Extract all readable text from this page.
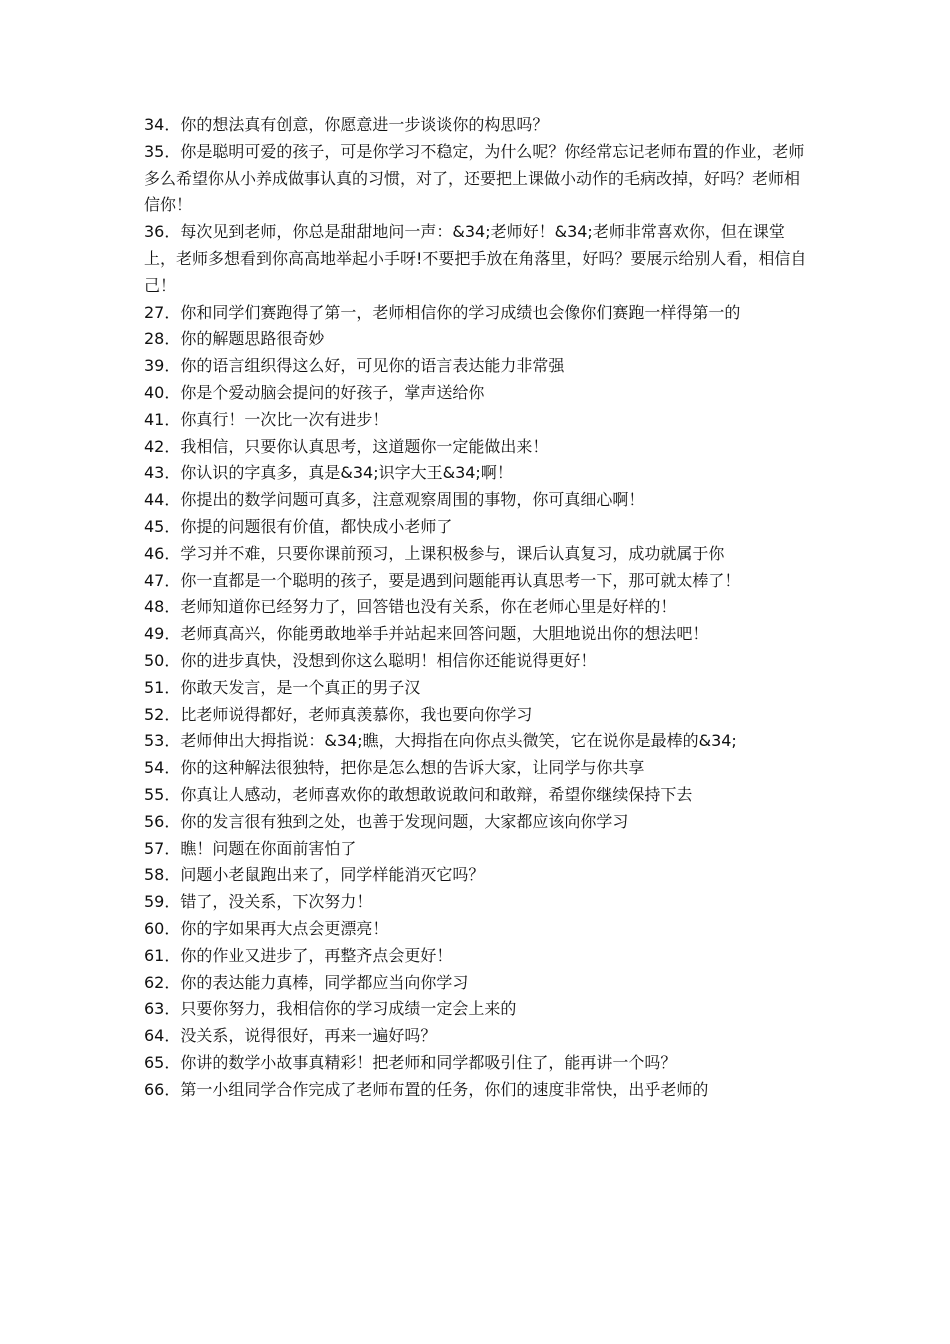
34．你的想法真有创意，你愿意进一步谈谈你的构思吗？

35．你是聪明可爱的孩子，可是你学习不稳定，为什么呢？你经常忘记老师布置的作业，老师多么希望你从小养成做事认真的习惯，对了，还要把上课做小动作的毛病改掉，好吗？老师相信你！

36．每次见到老师，你总是甜甜地问一声：&34;老师好！&34;老师非常喜欢你，但在课堂上，老师多想看到你高高地举起小手呀!不要把手放在角落里，好吗？要展示给别人看，相信自己！

27．你和同学们赛跑得了第一，老师相信你的学习成绩也会像你们赛跑一样得第一的

28．你的解题思路很奇妙

39．你的语言组织得这么好，可见你的语言表达能力非常强

40．你是个爱动脑会提问的好孩子，掌声送给你

41．你真行！一次比一次有进步！

42．我相信，只要你认真思考，这道题你一定能做出来！

43．你认识的字真多，真是&34;识字大王&34;啊！

44．你提出的数学问题可真多，注意观察周围的事物，你可真细心啊！

45．你提的问题很有价值，都快成小老师了

46．学习并不难，只要你课前预习，上课积极参与，课后认真复习，成功就属于你

47．你一直都是一个聪明的孩子，要是遇到问题能再认真思考一下，那可就太棒了！

48．老师知道你已经努力了，回答错也没有关系，你在老师心里是好样的！

49．老师真高兴，你能勇敢地举手并站起来回答问题，大胆地说出你的想法吧！

50．你的进步真快，没想到你这么聪明！相信你还能说得更好！

51．你敢天发言，是一个真正的男子汉

52．比老师说得都好，老师真羡慕你，我也要向你学习

53．老师伸出大拇指说：&34;瞧，大拇指在向你点头微笑，它在说你是最棒的&34;

54．你的这种解法很独特，把你是怎么想的告诉大家，让同学与你共享

55．你真让人感动，老师喜欢你的敢想敢说敢问和敢辩，希望你继续保持下去

56．你的发言很有独到之处，也善于发现问题，大家都应该向你学习

57．瞧！问题在你面前害怕了

58．问题小老鼠跑出来了，同学样能消灭它吗？

59．错了，没关系，下次努力！

60．你的字如果再大点会更漂亮！

61．你的作业又进步了，再整齐点会更好！

62．你的表达能力真棒，同学都应当向你学习

63．只要你努力，我相信你的学习成绩一定会上来的

64．没关系，说得很好，再来一遍好吗？

65．你讲的数学小故事真精彩！把老师和同学都吸引住了，能再讲一个吗？

66．第一小组同学合作完成了老师布置的任务，你们的速度非常快，出乎老师的
